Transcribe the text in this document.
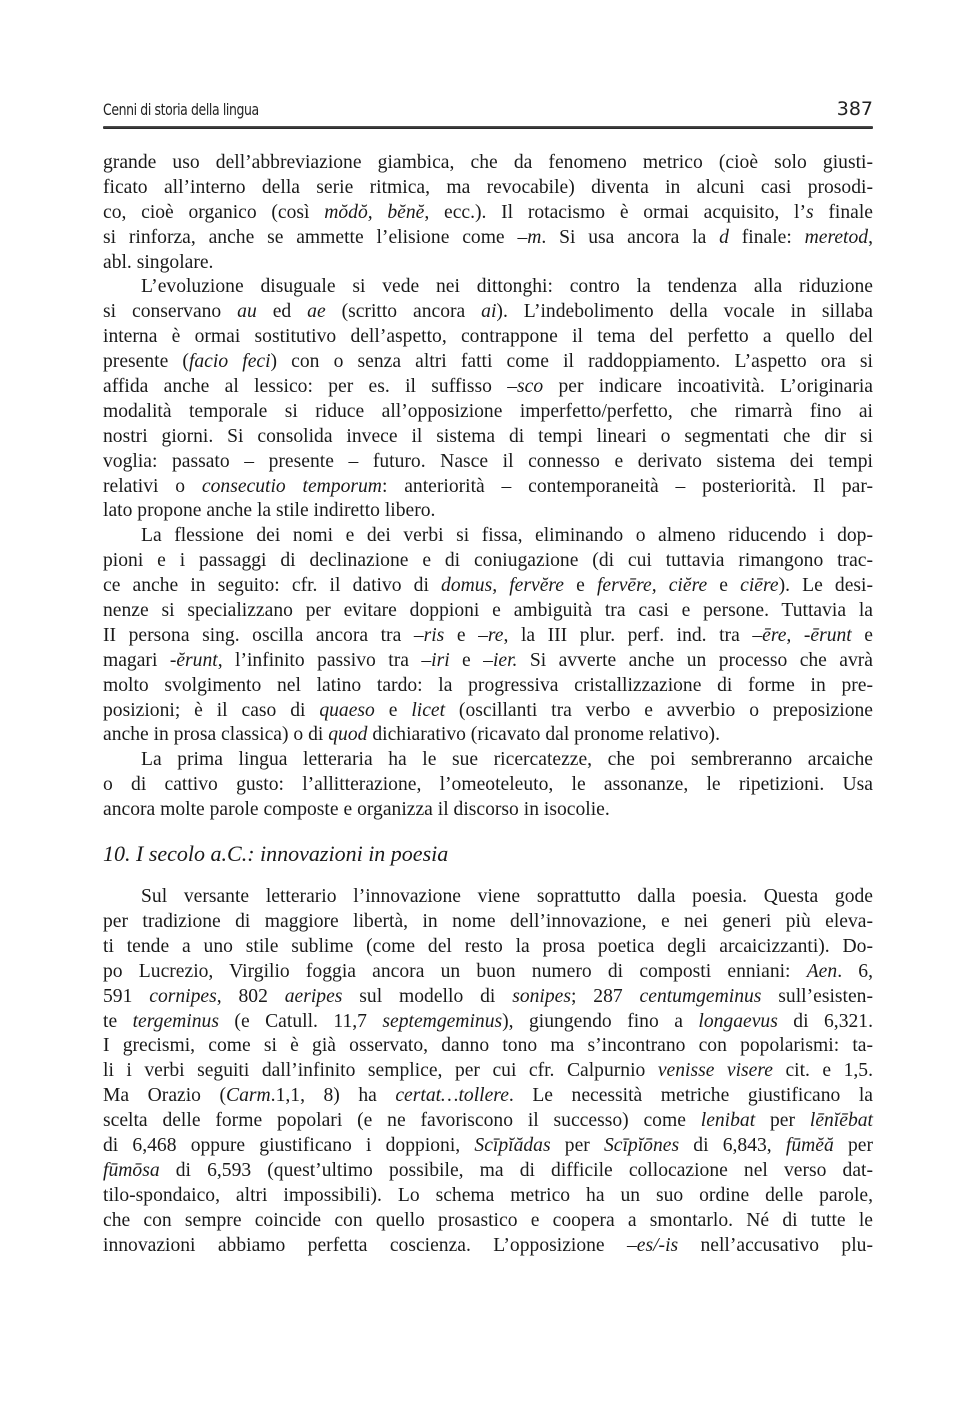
Cenni di storia della lingua	387
grande uso dell’abbreviazione giambica, che da fenomeno metrico (cioè solo giusti-
ficato all’interno della serie ritmica, ma revocabile) diventa in alcuni casi prosodi-
co, cioè organico (così mŏdŏ, bĕnĕ, ecc.). Il rotacismo è ormai acquisito, l’s finale
si rinforza, anche se ammette l’elisione come –m. Si usa ancora la d finale: meretod,
abl. singolare.
L’evoluzione disuguale si vede nei dittonghi: contro la tendenza alla riduzione
si conservano au ed ae (scritto ancora ai). L’indebolimento della vocale in sillaba
interna è ormai sostitutivo dell’aspetto, contrappone il tema del perfetto a quello del
presente (facio feci) con o senza altri fatti come il raddoppiamento. L’aspetto ora si
affida anche al lessico: per es. il suffisso –sco per indicare incoatività. L’originaria
modalità temporale si riduce all’opposizione imperfetto/perfetto, che rimarrà fino ai
nostri giorni. Si consolida invece il sistema di tempi lineari o segmentati che dir si
voglia: passato – presente – futuro. Nasce il connesso e derivato sistema dei tempi
relativi o consecutio temporum: anteriorità – contemporaneità – posteriorità. Il par-
lato propone anche la stile indiretto libero.
La flessione dei nomi e dei verbi si fissa, eliminando o almeno riducendo i dop-
pioni e i passaggi di declinazione e di coniugazione (di cui tuttavia rimangono trac-
ce anche in seguito: cfr. il dativo di domus, fervĕre e fervēre, ciĕre e ciēre). Le desi-
nenze si specializzano per evitare doppioni e ambiguità tra casi e persone. Tuttavia la
II persona sing. oscilla ancora tra –ris e –re, la III plur. perf. ind. tra –ēre, -ērunt e
magari -ĕrunt, l’infinito passivo tra –iri e –ier. Si avverte anche un processo che avrà
molto svolgimento nel latino tardo: la progressiva cristallizzazione di forme in pre-
posizioni; è il caso di quaeso e licet (oscillanti tra verbo e avverbio o preposizione
anche in prosa classica) o di quod dichiarativo (ricavato dal pronome relativo).
La prima lingua letteraria ha le sue ricercatezze, che poi sembreranno arcaiche
o di cattivo gusto: l’allitterazione, l’omeoteleuto, le assonanze, le ripetizioni. Usa
ancora molte parole composte e organizza il discorso in isocolie.
10. I secolo a.C.: innovazioni in poesia
Sul versante letterario l’innovazione viene soprattutto dalla poesia. Questa gode
per tradizione di maggiore libertà, in nome dell’innovazione, e nei generi più eleva-
ti tende a uno stile sublime (come del resto la prosa poetica degli arcaicizzanti). Do-
po Lucrezio, Virgilio foggia ancora un buon numero di composti enniani: Aen. 6,
591 cornipes, 802 aeripes sul modello di sonipes; 287 centumgeminus sull’esisten-
te tergeminus (e Catull. 11,7 septemgeminus), giungendo fino a longaevus di 6,321.
I grecismi, come si è già osservato, danno tono ma s’incontrano con popolarismi: ta-
li i verbi seguiti dall’infinito semplice, per cui cfr. Calpurnio venisse visere cit. e 1,5.
Ma Orazio (Carm.1,1, 8) ha certat…tollere. Le necessità metriche giustificano la
scelta delle forme popolari (e ne favoriscono il successo) come lenibat per lēnĭēbat
di 6,468 oppure giustificano i doppioni, Scīpĭădas per Scīpĭōnes di 6,843, fūmĕă per
fūmōsa di 6,593 (quest’ultimo possibile, ma di difficile collocazione nel verso dat-
tilo-spondaico, altri impossibili). Lo schema metrico ha un suo ordine delle parole,
che con sempre coincide con quello prosastico e coopera a smontarlo. Né di tutte le
innovazioni abbiamo perfetta coscienza. L’opposizione –es/-is nell’accusativo plu-
